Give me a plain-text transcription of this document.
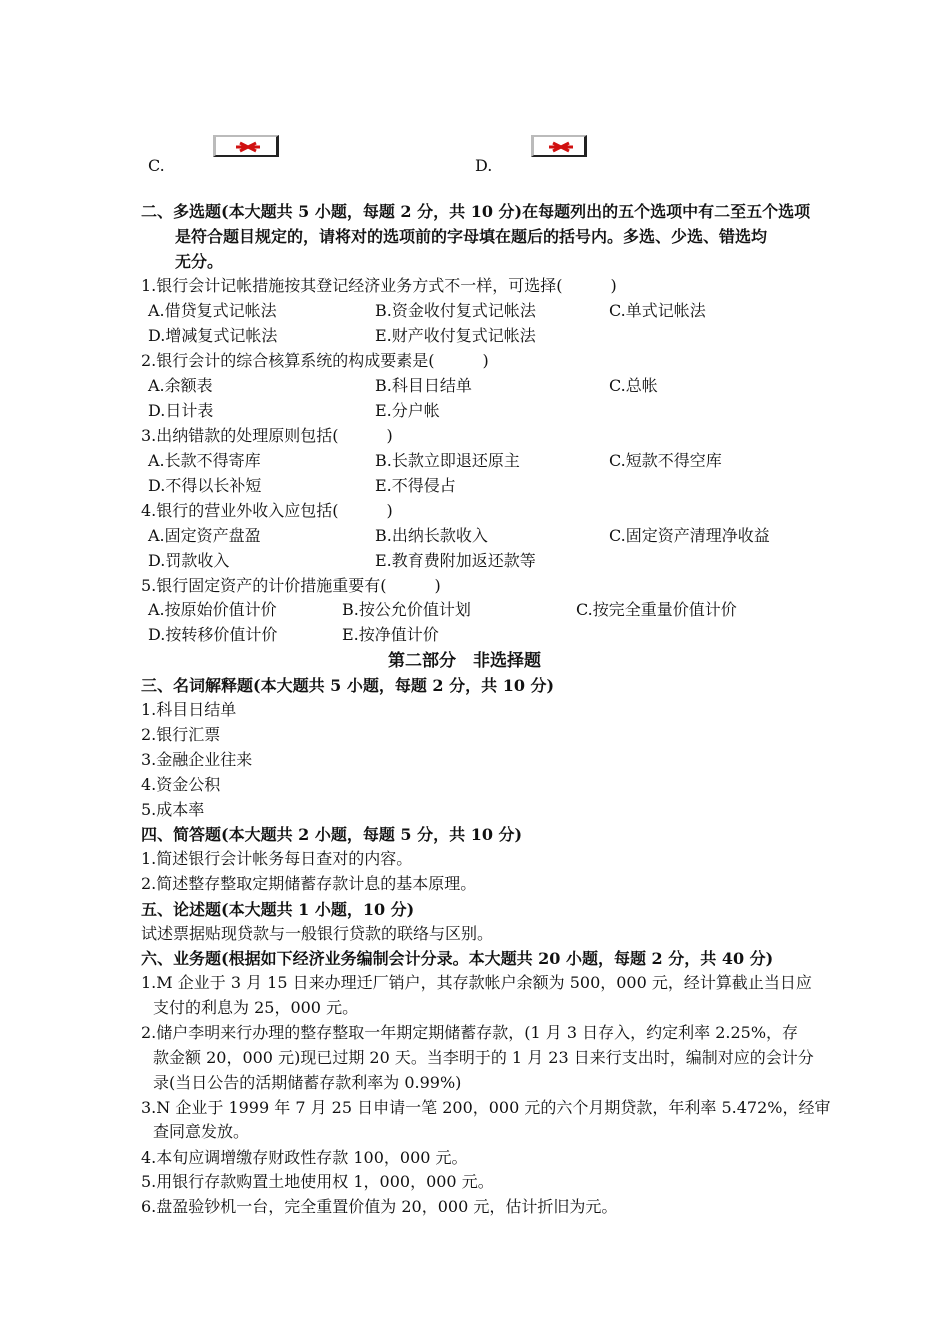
C.	D.
二、多选题(本大题共 5 小题，每题 2 分，共 10 分)在每题列出的五个选项中有二至五个选项
是符合题目规定的，请将对的选项前的字母填在题后的括号内。多选、少选、错选均
无分。
1.银行会计记帐措施按其登记经济业务方式不一样，可选择(　　　)
A.借贷复式记帐法	B.资金收付复式记帐法	C.单式记帐法
D.增减复式记帐法	E.财产收付复式记帐法
2.银行会计的综合核算系统的构成要素是(　　　)
A.余额表	B.科目日结单	C.总帐
D.日计表	E.分户帐
3.出纳错款的处理原则包括(　　　)
A.长款不得寄库	B.长款立即退还原主	C.短款不得空库
D.不得以长补短	E.不得侵占
4.银行的营业外收入应包括(　　　)
A.固定资产盘盈	B.出纳长款收入	C.固定资产清理净收益
D.罚款收入	E.教育费附加返还款等
5.银行固定资产的计价措施重要有(　　　)
A.按原始价值计价	B.按公允价值计划	C.按完全重量价值计价
D.按转移价值计价	E.按净值计价
第二部分　非选择题
三、名词解释题(本大题共 5 小题，每题 2 分，共 10 分)
1.科目日结单
2.银行汇票
3.金融企业往来
4.资金公积
5.成本率
四、简答题(本大题共 2 小题，每题 5 分，共 10 分)
1.简述银行会计帐务每日查对的内容。
2.简述整存整取定期储蓄存款计息的基本原理。
五、论述题(本大题共 1 小题，10 分)
试述票据贴现贷款与一般银行贷款的联络与区别。
六、业务题(根据如下经济业务编制会计分录。本大题共 20 小题，每题 2 分，共 40 分)
1.M 企业于 3 月 15 日来办理迁厂销户，其存款帐户余额为 500，000 元，经计算截止当日应
支付的利息为 25，000 元。
2.储户李明来行办理的整存整取一年期定期储蓄存款，(1 月 3 日存入，约定利率 2.25%，存
款金额 20，000 元)现已过期 20 天。当李明于的 1 月 23 日来行支出时，编制对应的会计分
录(当日公告的活期储蓄存款利率为 0.99%)
3.N 企业于 1999 年 7 月 25 日申请一笔 200，000 元的六个月期贷款，年利率 5.472%，经审
查同意发放。
4.本旬应调增缴存财政性存款 100，000 元。
5.用银行存款购置土地使用权 1，000，000 元。
6.盘盈验钞机一台，完全重置价值为 20，000 元，估计折旧为元。
